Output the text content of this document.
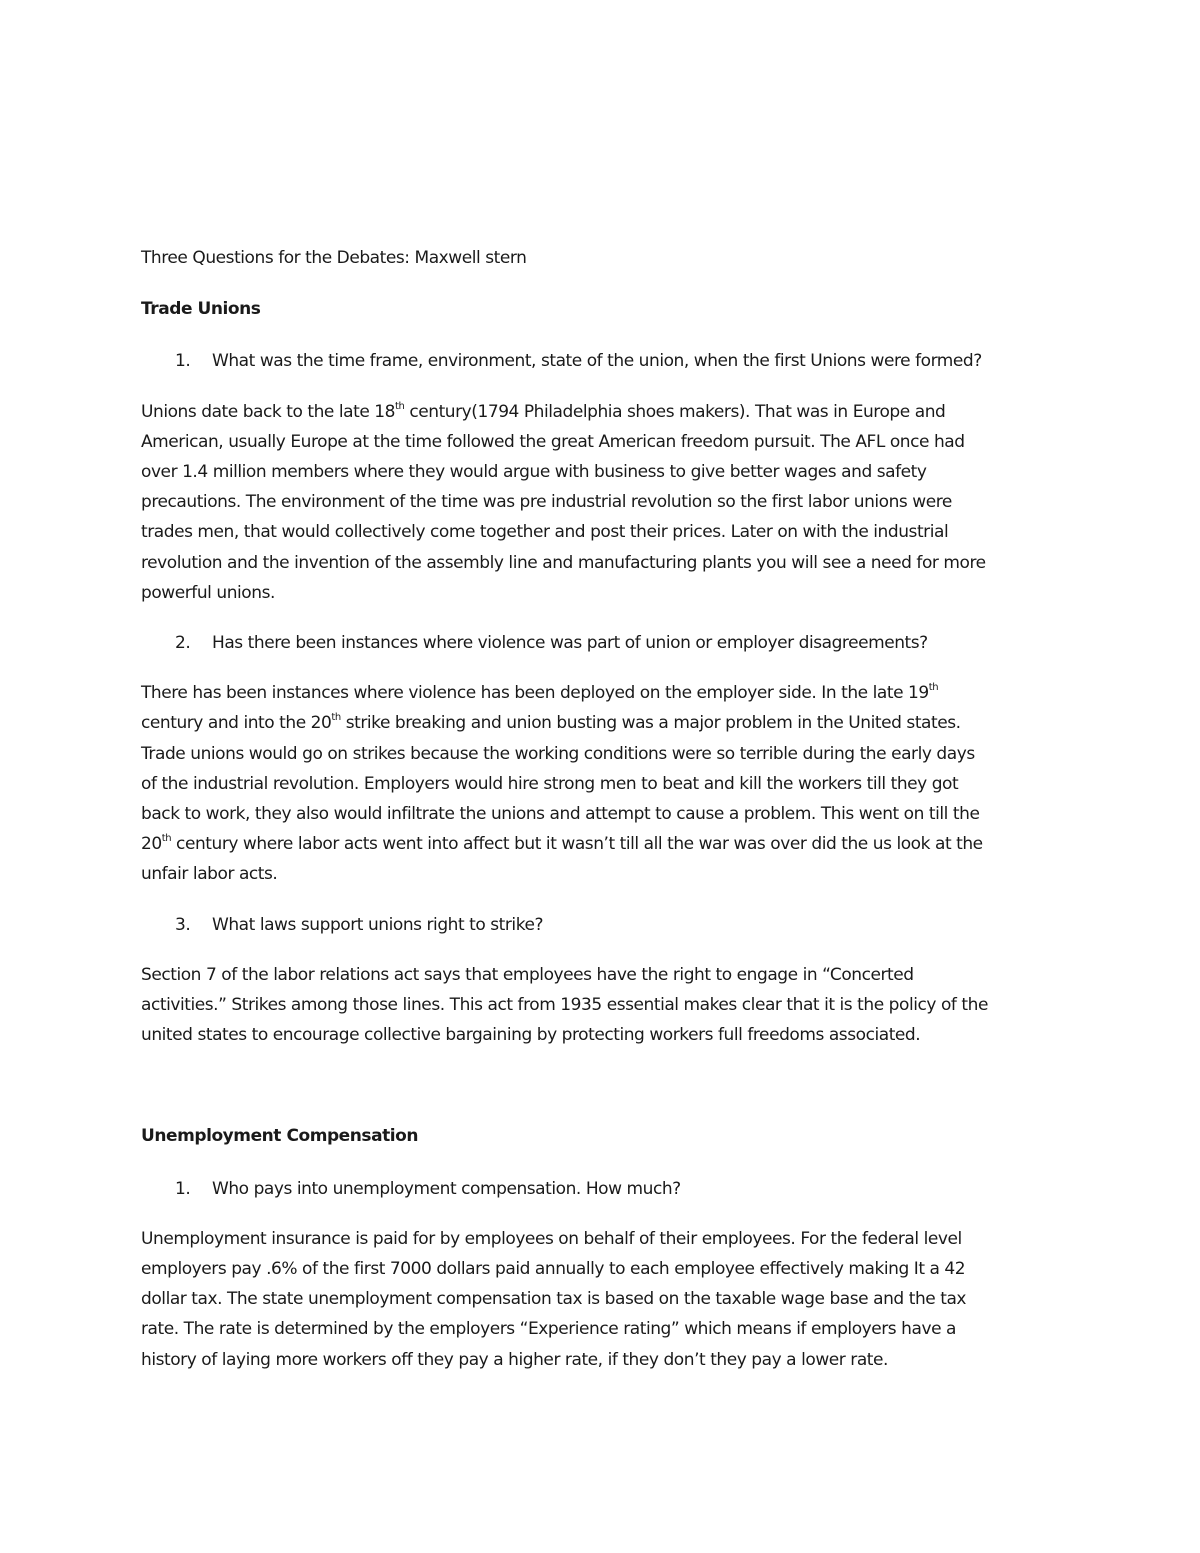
Three Questions for the Debates: Maxwell stern

Trade Unions

1. What was the time frame, environment, state of the union, when the first Unions were formed?

Unions date back to the late 18th century(1794 Philadelphia shoes makers). That was in Europe and

American, usually Europe at the time followed the great American freedom pursuit. The AFL once had

over 1.4 million members where they would argue with business to give better wages and safety

precautions. The environment of the time was pre industrial revolution so the first labor unions were

trades men, that would collectively come together and post their prices. Later on with the industrial

revolution and the invention of the assembly line and manufacturing plants you will see a need for more

powerful unions.

2. Has there been instances where violence was part of union or employer disagreements?

There has been instances where violence has been deployed on the employer side. In the late 19th

century and into the 20th strike breaking and union busting was a major problem in the United states.

Trade unions would go on strikes because the working conditions were so terrible during the early days

of the industrial revolution. Employers would hire strong men to beat and kill the workers till they got

back to work, they also would infiltrate the unions and attempt to cause a problem. This went on till the

20th century where labor acts went into affect but it wasn’t till all the war was over did the us look at the

unfair labor acts.

3. What laws support unions right to strike?

Section 7 of the labor relations act says that employees have the right to engage in “Concerted

activities.” Strikes among those lines. This act from 1935 essential makes clear that it is the policy of the

united states to encourage collective bargaining by protecting workers full freedoms associated.

Unemployment Compensation

1. Who pays into unemployment compensation. How much?

Unemployment insurance is paid for by employees on behalf of their employees. For the federal level

employers pay .6% of the first 7000 dollars paid annually to each employee effectively making It a 42

dollar tax. The state unemployment compensation tax is based on the taxable wage base and the tax

rate. The rate is determined by the employers “Experience rating” which means if employers have a

history of laying more workers off they pay a higher rate, if they don’t they pay a lower rate.
